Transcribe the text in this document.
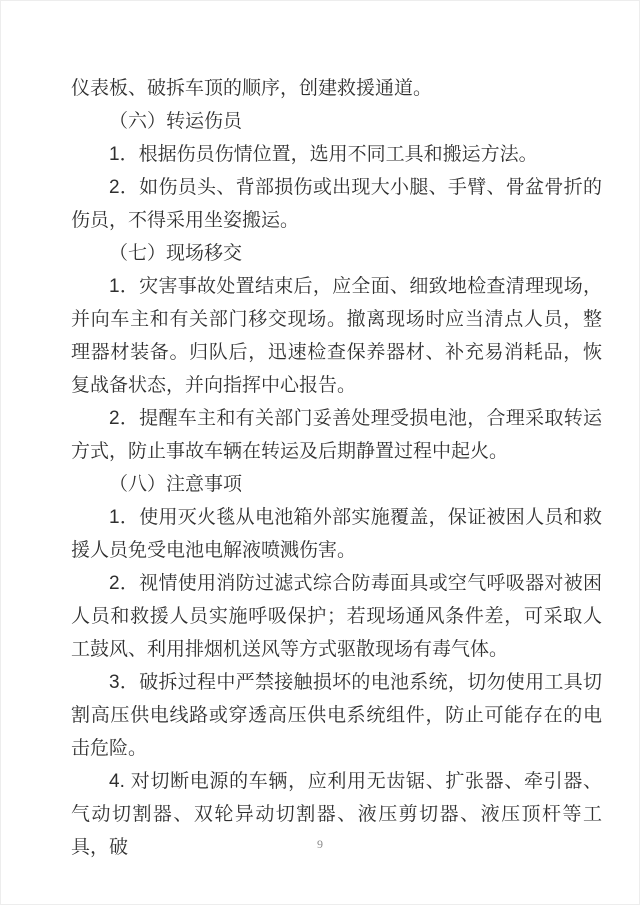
仪表板、破拆车顶的顺序，创建救援通道。

（六）转运伤员

1．根据伤员伤情位置，选用不同工具和搬运方法。

2．如伤员头、背部损伤或出现大小腿、手臂、骨盆骨折的伤员，不得采用坐姿搬运。

（七）现场移交

1．灾害事故处置结束后，应全面、细致地检查清理现场，并向车主和有关部门移交现场。撤离现场时应当清点人员，整理器材装备。归队后，迅速检查保养器材、补充易消耗品，恢复战备状态，并向指挥中心报告。

2．提醒车主和有关部门妥善处理受损电池，合理采取转运方式，防止事故车辆在转运及后期静置过程中起火。

（八）注意事项

1．使用灭火毯从电池箱外部实施覆盖，保证被困人员和救援人员免受电池电解液喷溅伤害。

2．视情使用消防过滤式综合防毒面具或空气呼吸器对被困人员和救援人员实施呼吸保护；若现场通风条件差，可采取人工鼓风、利用排烟机送风等方式驱散现场有毒气体。

3．破拆过程中严禁接触损坏的电池系统，切勿使用工具切割高压供电线路或穿透高压供电系统组件，防止可能存在的电击危险。

4. 对切断电源的车辆，应利用无齿锯、扩张器、牵引器、气动切割器、双轮异动切割器、液压剪切器、液压顶杆等工具，破	9
